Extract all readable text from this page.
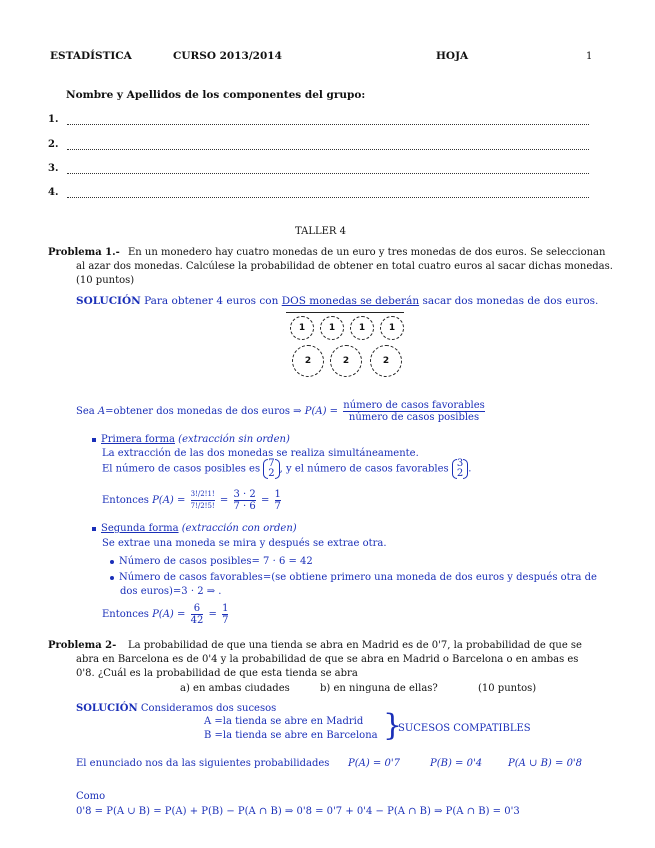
ESTADÍSTICA	CURSO 2013/2014	HOJA	1
Nombre y Apellidos de los componentes del grupo:
1.
2.
3.
4.
TALLER 4
Problema 1.- En un monedero hay cuatro monedas de un euro y tres monedas de dos euros. Se seleccionan
al azar dos monedas. Calcúlese la probabilidad de obtener en total cuatro euros al sacar dichas monedas.
(10 puntos)
SOLUCIÓN Para obtener 4 euros con DOS monedas se deberán sacar dos monedas de dos euros.
1	1	1	1
2	2	2
Sea A=obtener dos monedas de dos euros ⇒ $P(A) = \frac{\text{número de casos favorables}}{\text{número de casos posibles}}$
Primera forma (extracción sin orden)
La extracción de las dos monedas se realiza simultáneamente.
El número de casos posibles es 7
2 , y el número de casos favorables 3
2 .
Entonces $P(A) = \frac{3!/2!1!}{7!/2!5!} = \frac{3 \cdot 2}{7 \cdot 6} = \frac{1}{7}$
Segunda forma (extracción con orden)
Se extrae una moneda se mira y después se extrae otra.
Número de casos posibles= 7 · 6 = 42
Número de casos favorables=(se obtiene primero una moneda de dos euros y después otra de
dos euros)=3 · 2 ⇒ .
Entonces $P(A) = \frac{6}{42} = \frac{1}{7}$
Problema 2- La probabilidad de que una tienda se abra en Madrid es de 0'7, la probabilidad de que se
abra en Barcelona es de 0'4 y la probabilidad de que se abra en Madrid o Barcelona o en ambas es
0'8. ¿Cuál es la probabilidad de que esta tienda se abra
a) en ambas ciudades	b) en ninguna de ellas?	(10 puntos)
SOLUCIÓN Consideramos dos sucesos
A =la tienda se abre en Madrid
B =la tienda se abre en Barcelona }
SUCESOS COMPATIBLES
El enunciado nos da las siguientes probabilidades P(A) = 0'7	P(B) = 0'4	P(A ∪ B) = 0'8
Como
0'8 = P(A ∪ B) = P(A) + P(B) − P(A ∩ B) ⇒ 0'8 = 0'7 + 0'4 − P(A ∩ B) ⇒ P(A ∩ B) = 0'3
